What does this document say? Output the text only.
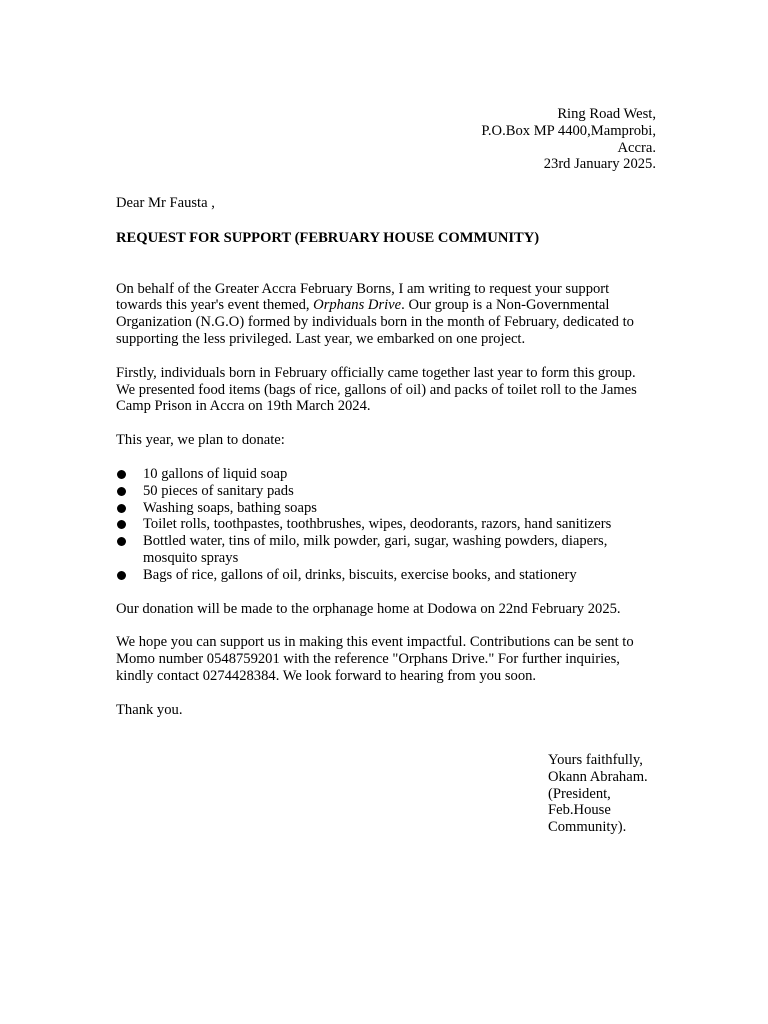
Ring Road West,
P.O.Box MP 4400,Mamprobi,
Accra.
23rd January 2025.

Dear Mr Fausta ,

REQUEST FOR SUPPORT (FEBRUARY HOUSE COMMUNITY)

On behalf of the Greater Accra February Borns, I am writing to request your support towards this year's event themed, Orphans Drive. Our group is a Non-Governmental Organization (N.G.O) formed by individuals born in the month of February, dedicated to supporting the less privileged. Last year, we embarked on one project.

Firstly, individuals born in February officially came together last year to form this group. We presented food items (bags of rice, gallons of oil) and packs of toilet roll to the James Camp Prison in Accra on 19th March 2024.

This year, we plan to donate:

10 gallons of liquid soap
50 pieces of sanitary pads
Washing soaps, bathing soaps
Toilet rolls, toothpastes, toothbrushes, wipes, deodorants, razors, hand sanitizers
Bottled water, tins of milo, milk powder, gari, sugar, washing powders, diapers, mosquito sprays
Bags of rice, gallons of oil, drinks, biscuits, exercise books, and stationery

Our donation will be made to the orphanage home at Dodowa on 22nd February 2025.

We hope you can support us in making this event impactful. Contributions can be sent to Momo number 0548759201 with the reference "Orphans Drive." For further inquiries, kindly contact 0274428384. We look forward to hearing from you soon.

Thank you.

Yours faithfully,
Okann Abraham.
(President,
Feb.House
Community).
